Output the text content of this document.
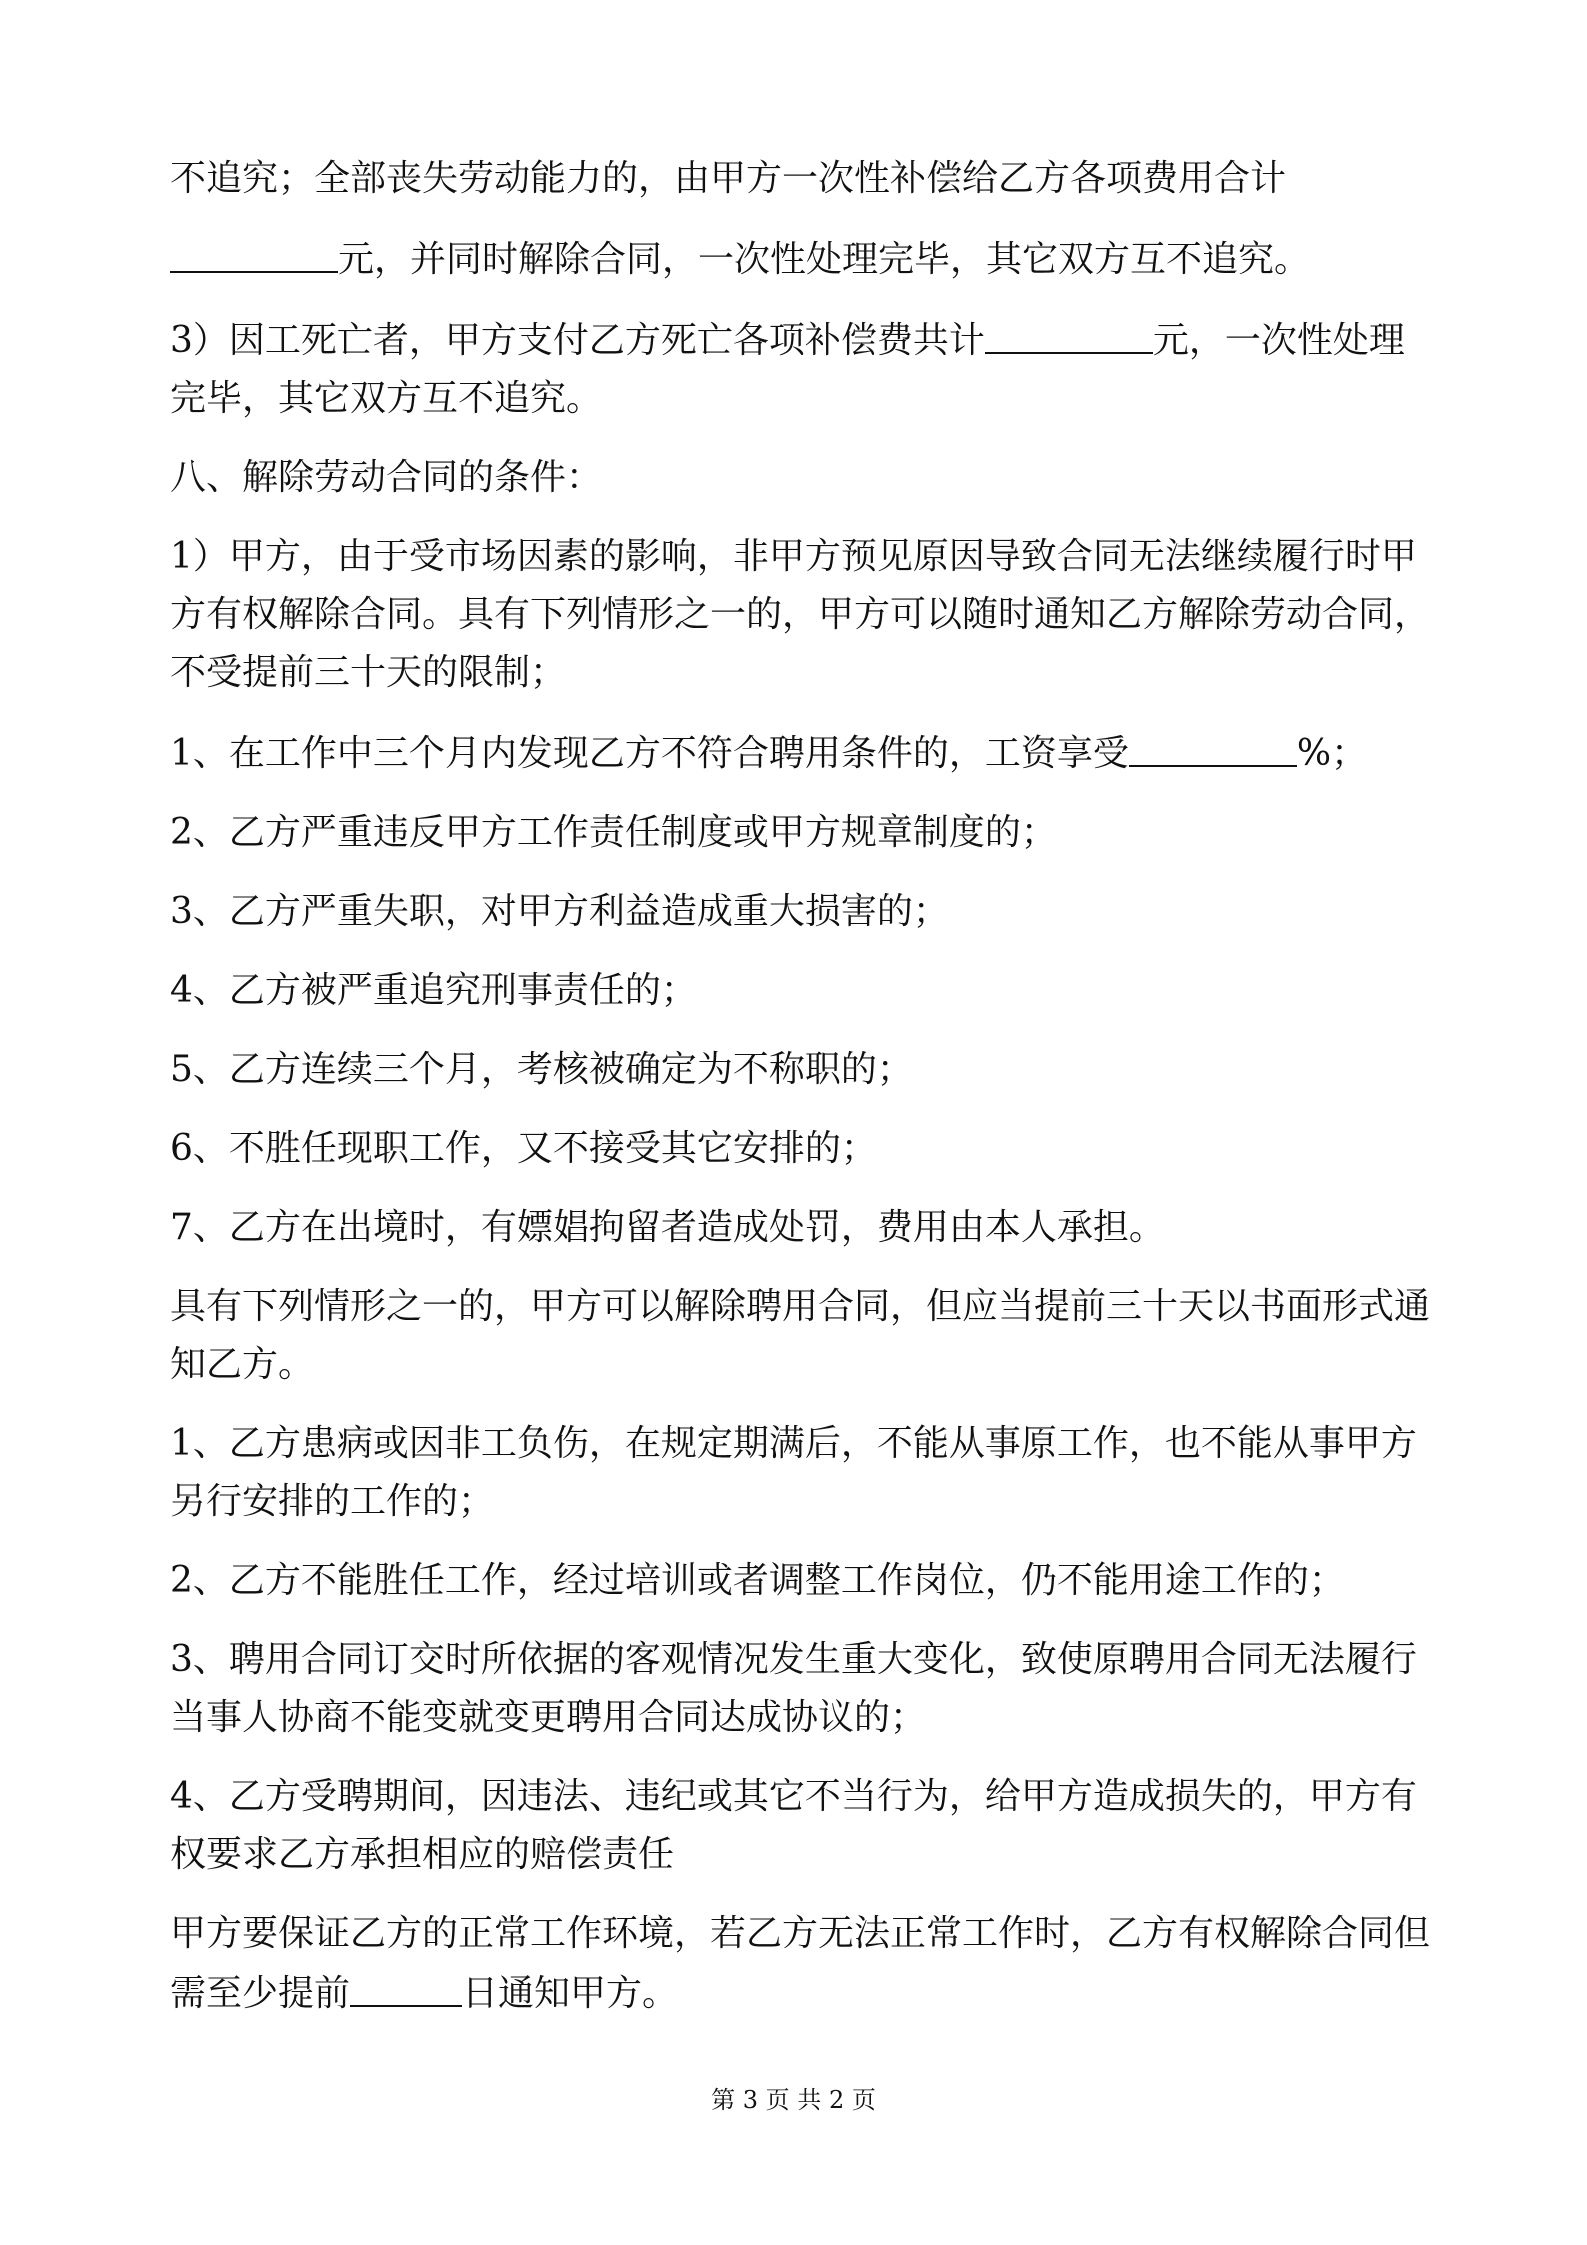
不追究；全部丧失劳动能力的，由甲方一次性补偿给乙方各项费用合计

元，并同时解除合同，一次性处理完毕，其它双方互不追究。

3）因工死亡者，甲方支付乙方死亡各项补偿费共计	元，一次性处理完毕，其它双方互不追究。

八、解除劳动合同的条件：

1）甲方，由于受市场因素的影响，非甲方预见原因导致合同无法继续履行时甲方有权解除合同。具有下列情形之一的，甲方可以随时通知乙方解除劳动合同，不受提前三十天的限制；

1、在工作中三个月内发现乙方不符合聘用条件的，工资享受	%；

2、乙方严重违反甲方工作责任制度或甲方规章制度的；

3、乙方严重失职，对甲方利益造成重大损害的；

4、乙方被严重追究刑事责任的；

5、乙方连续三个月，考核被确定为不称职的；

6、不胜任现职工作，又不接受其它安排的；

7、乙方在出境时，有嫖娼拘留者造成处罚，费用由本人承担。

具有下列情形之一的，甲方可以解除聘用合同，但应当提前三十天以书面形式通知乙方。

1、乙方患病或因非工负伤，在规定期满后，不能从事原工作，也不能从事甲方另行安排的工作的；

2、乙方不能胜任工作，经过培训或者调整工作岗位，仍不能用途工作的；

3、聘用合同订交时所依据的客观情况发生重大变化，致使原聘用合同无法履行当事人协商不能变就变更聘用合同达成协议的；

4、乙方受聘期间，因违法、违纪或其它不当行为，给甲方造成损失的，甲方有权要求乙方承担相应的赔偿责任

甲方要保证乙方的正常工作环境，若乙方无法正常工作时，乙方有权解除合同但需至少提前	日通知甲方。

第 3 页 共 2 页
